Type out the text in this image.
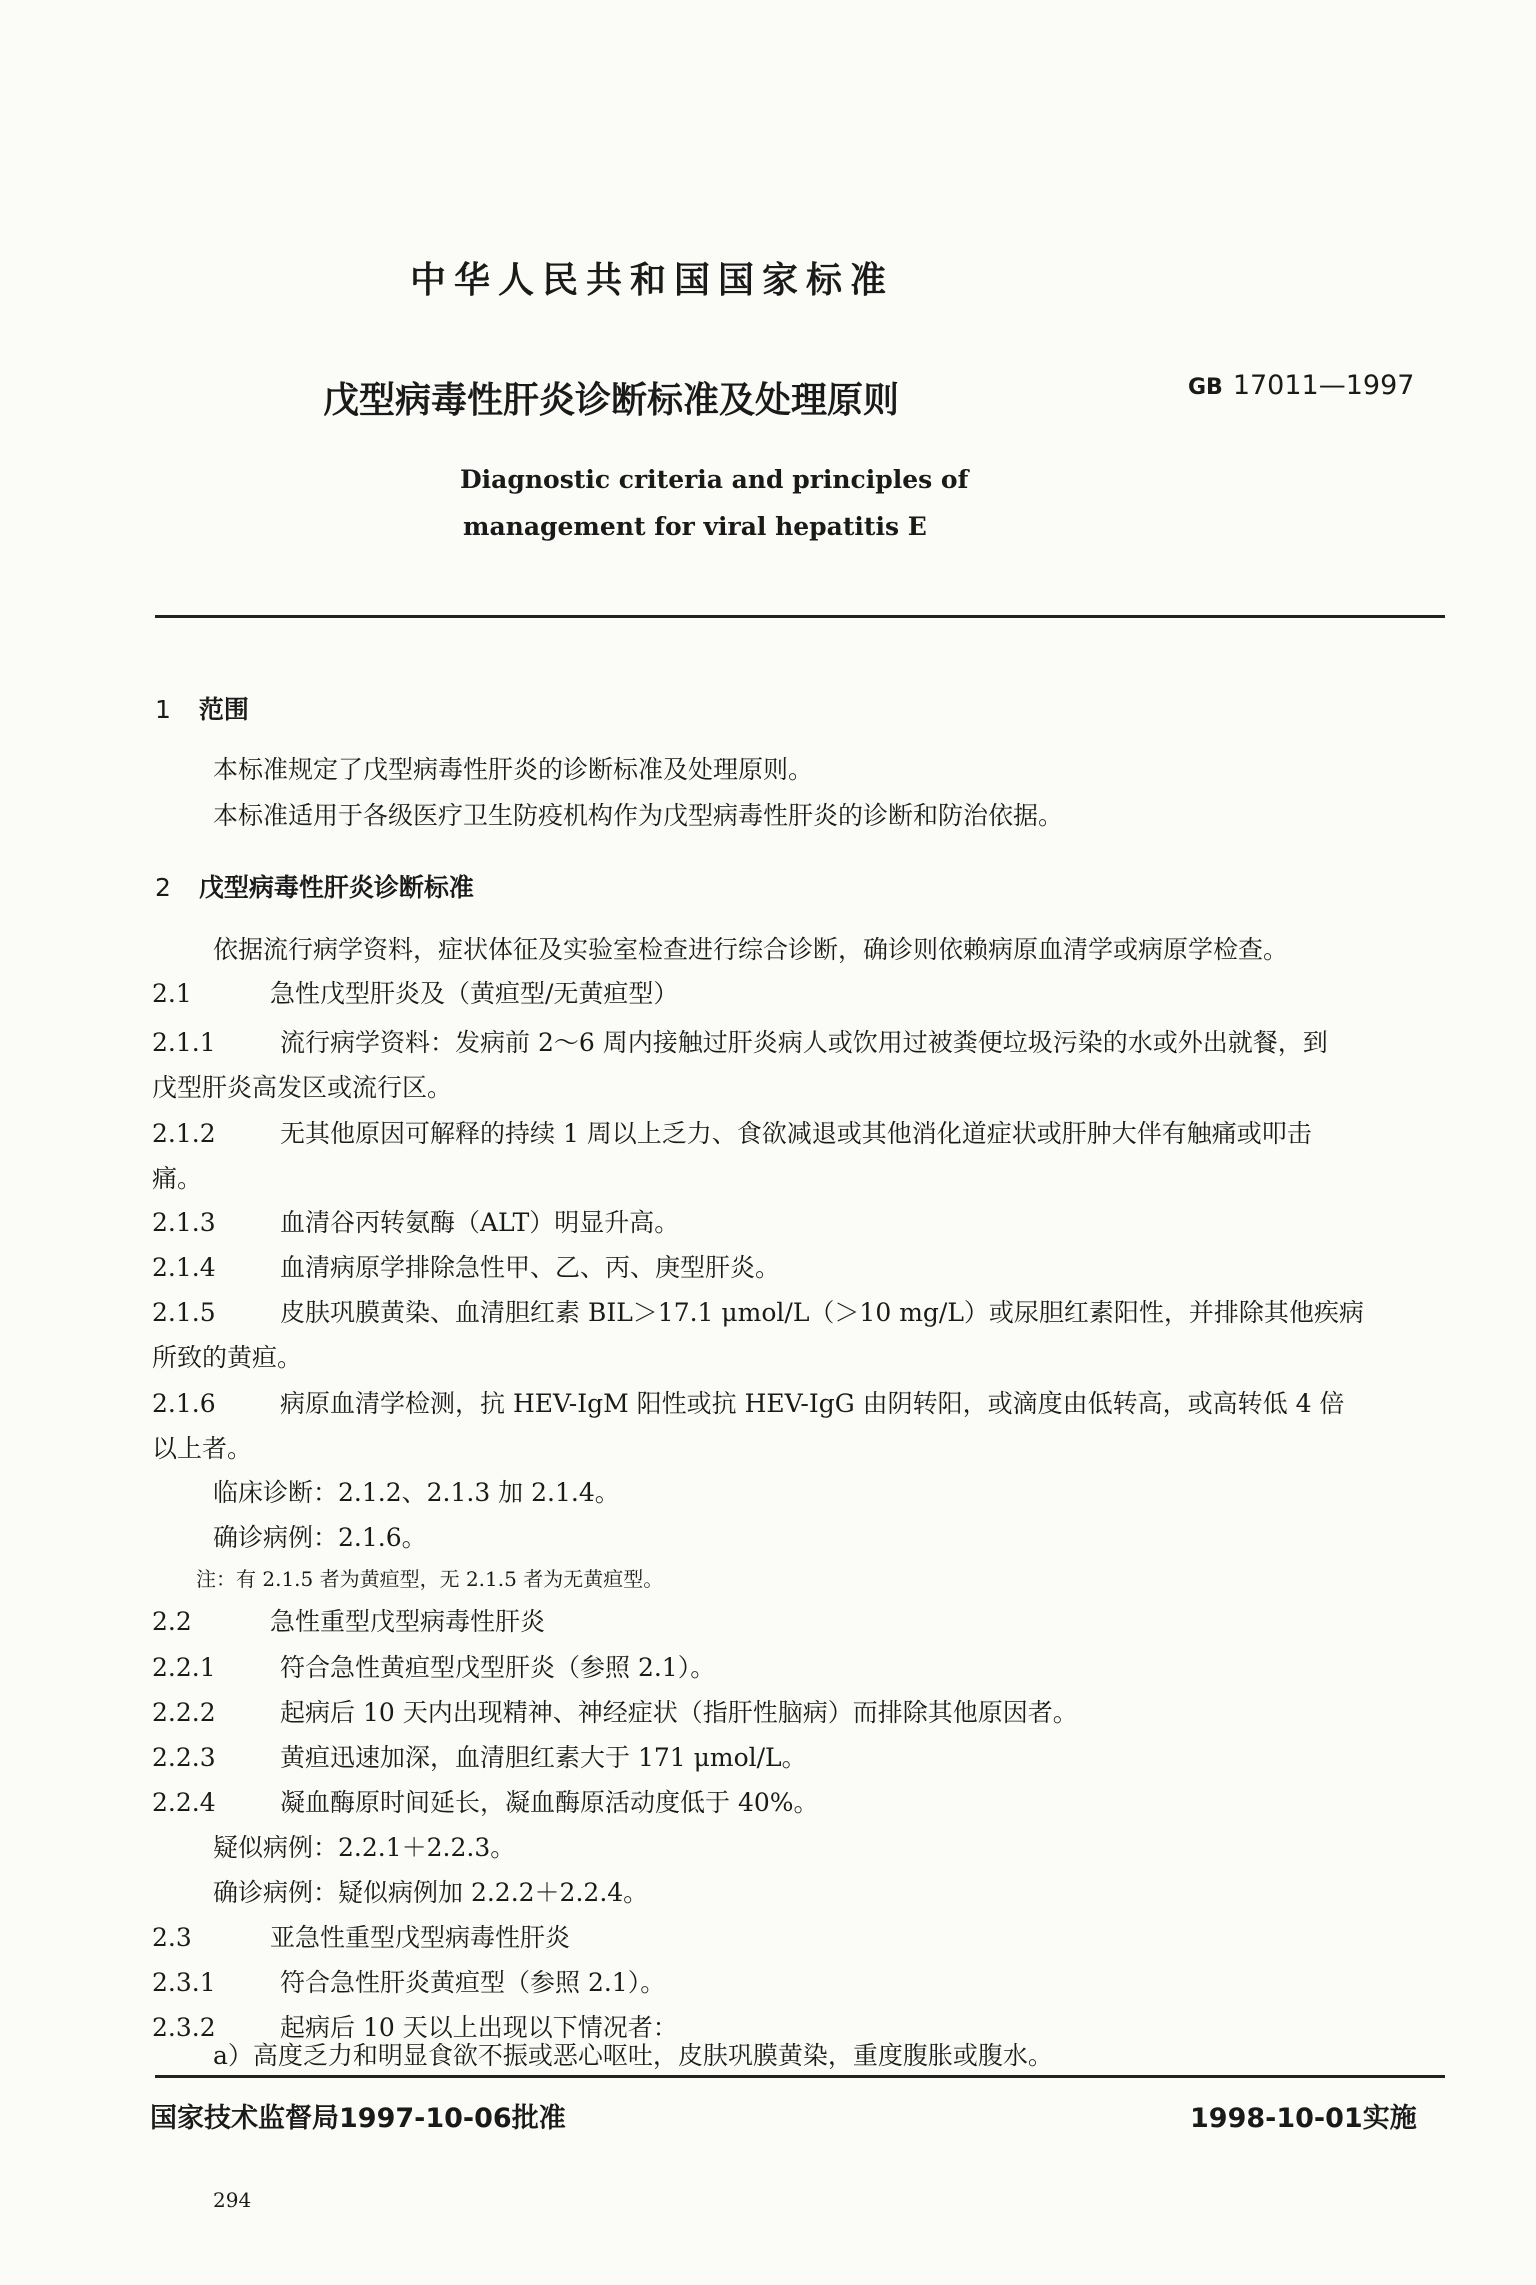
中华人民共和国国家标准
戊型病毒性肝炎诊断标准及处理原则	GB 17011—1997
Diagnostic criteria and principles of
management for viral hepatitis E
1 范围
本标准规定了戊型病毒性肝炎的诊断标准及处理原则。
本标准适用于各级医疗卫生防疫机构作为戊型病毒性肝炎的诊断和防治依据。
2 戊型病毒性肝炎诊断标准
依据流行病学资料，症状体征及实验室检查进行综合诊断，确诊则依赖病原血清学或病原学检查。
2.1	急性戊型肝炎及（黄疸型/无黄疸型）
2.1.1	流行病学资料：发病前 2～6 周内接触过肝炎病人或饮用过被粪便垃圾污染的水或外出就餐，到
戊型肝炎高发区或流行区。
2.1.2	无其他原因可解释的持续 1 周以上乏力、食欲减退或其他消化道症状或肝肿大伴有触痛或叩击
痛。
2.1.3	血清谷丙转氨酶（ALT）明显升高。
2.1.4	血清病原学排除急性甲、乙、丙、庚型肝炎。
2.1.5	皮肤巩膜黄染、血清胆红素 BIL＞17.1 μmol/L（＞10 mg/L）或尿胆红素阳性，并排除其他疾病
所致的黄疸。
2.1.6	病原血清学检测，抗 HEV-IgM 阳性或抗 HEV-IgG 由阴转阳，或滴度由低转高，或高转低 4 倍
以上者。
临床诊断：2.1.2、2.1.3 加 2.1.4。
确诊病例：2.1.6。
注：有 2.1.5 者为黄疸型，无 2.1.5 者为无黄疸型。
2.2	急性重型戊型病毒性肝炎
2.2.1	符合急性黄疸型戊型肝炎（参照 2.1）。
2.2.2	起病后 10 天内出现精神、神经症状（指肝性脑病）而排除其他原因者。
2.2.3	黄疸迅速加深，血清胆红素大于 171 μmol/L。
2.2.4	凝血酶原时间延长，凝血酶原活动度低于 40%。
疑似病例：2.2.1＋2.2.3。
确诊病例：疑似病例加 2.2.2＋2.2.4。
2.3	亚急性重型戊型病毒性肝炎
2.3.1	符合急性肝炎黄疸型（参照 2.1）。
2.3.2	起病后 10 天以上出现以下情况者：
a）高度乏力和明显食欲不振或恶心呕吐，皮肤巩膜黄染，重度腹胀或腹水。
国家技术监督局1997-10-06批准	1998-10-01实施
294
